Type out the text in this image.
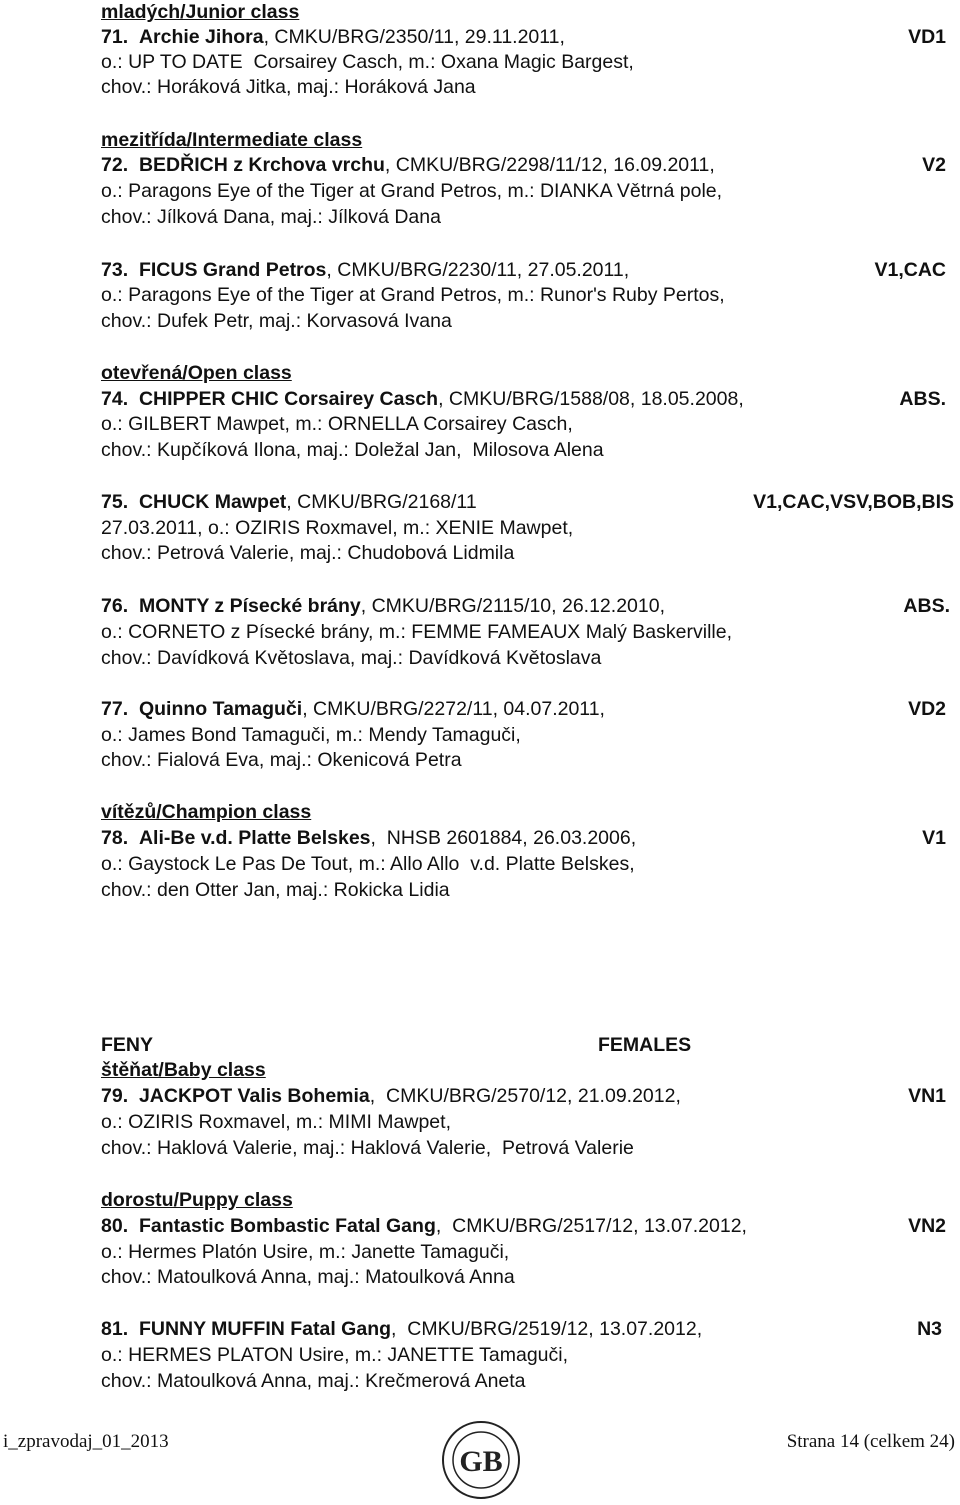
mladých/Junior class
mezitřída/Intermediate class
otevřená/Open class
vítězů/Champion class
FENY	FEMALES
štěňat/Baby class
dorostu/Puppy class
71. Archie Jihora, CMKU/BRG/2350/11, 29.11.2011,
o.: UP TO DATE  Corsairey Casch, m.: Oxana Magic Bargest,
chov.: Horáková Jitka, maj.: Horáková Jana
VD1
72. BEDŘICH z Krchova vrchu, CMKU/BRG/2298/11/12, 16.09.2011,
o.: Paragons Eye of the Tiger at Grand Petros, m.: DIANKA Větrná pole,
chov.: Jílková Dana, maj.: Jílková Dana
V2
73. FICUS Grand Petros, CMKU/BRG/2230/11, 27.05.2011,
o.: Paragons Eye of the Tiger at Grand Petros, m.: Runor's Ruby Pertos,
chov.: Dufek Petr, maj.: Korvasová Ivana
V1,CAC
74. CHIPPER CHIC Corsairey Casch, CMKU/BRG/1588/08, 18.05.2008,
o.: GILBERT Mawpet, m.: ORNELLA Corsairey Casch,
chov.: Kupčíková Ilona, maj.: Doležal Jan,  Milosova Alena
ABS.
75. CHUCK Mawpet, CMKU/BRG/2168/11
27.03.2011, o.: OZIRIS Roxmavel, m.: XENIE Mawpet,
chov.: Petrová Valerie, maj.: Chudobová Lidmila
V1,CAC,VSV,BOB,BIS
76. MONTY z Písecké brány, CMKU/BRG/2115/10, 26.12.2010,
o.: CORNETO z Písecké brány, m.: FEMME FAMEAUX Malý Baskerville,
chov.: Davídková Květoslava, maj.: Davídková Květoslava
ABS.
77. Quinno Tamaguči, CMKU/BRG/2272/11, 04.07.2011,
o.: James Bond Tamaguči, m.: Mendy Tamaguči,
chov.: Fialová Eva, maj.: Okenicová Petra
VD2
78. Ali-Be v.d. Platte Belskes,  NHSB 2601884, 26.03.2006,
o.: Gaystock Le Pas De Tout, m.: Allo Allo  v.d. Platte Belskes,
chov.: den Otter Jan, maj.: Rokicka Lidia
V1
79. JACKPOT Valis Bohemia,  CMKU/BRG/2570/12, 21.09.2012,
o.: OZIRIS Roxmavel, m.: MIMI Mawpet,
chov.: Haklová Valerie, maj.: Haklová Valerie,  Petrová Valerie
VN1
80. Fantastic Bombastic Fatal Gang,  CMKU/BRG/2517/12, 13.07.2012,
o.: Hermes Platón Usire, m.: Janette Tamaguči,
chov.: Matoulková Anna, maj.: Matoulková Anna
VN2
81. FUNNY MUFFIN Fatal Gang,  CMKU/BRG/2519/12, 13.07.2012,
o.: HERMES PLATON Usire, m.: JANETTE Tamaguči,
chov.: Matoulková Anna, maj.: Krečmerová Aneta
N3
i_zpravodaj_01_2013
GB
Strana 14 (celkem 24)
